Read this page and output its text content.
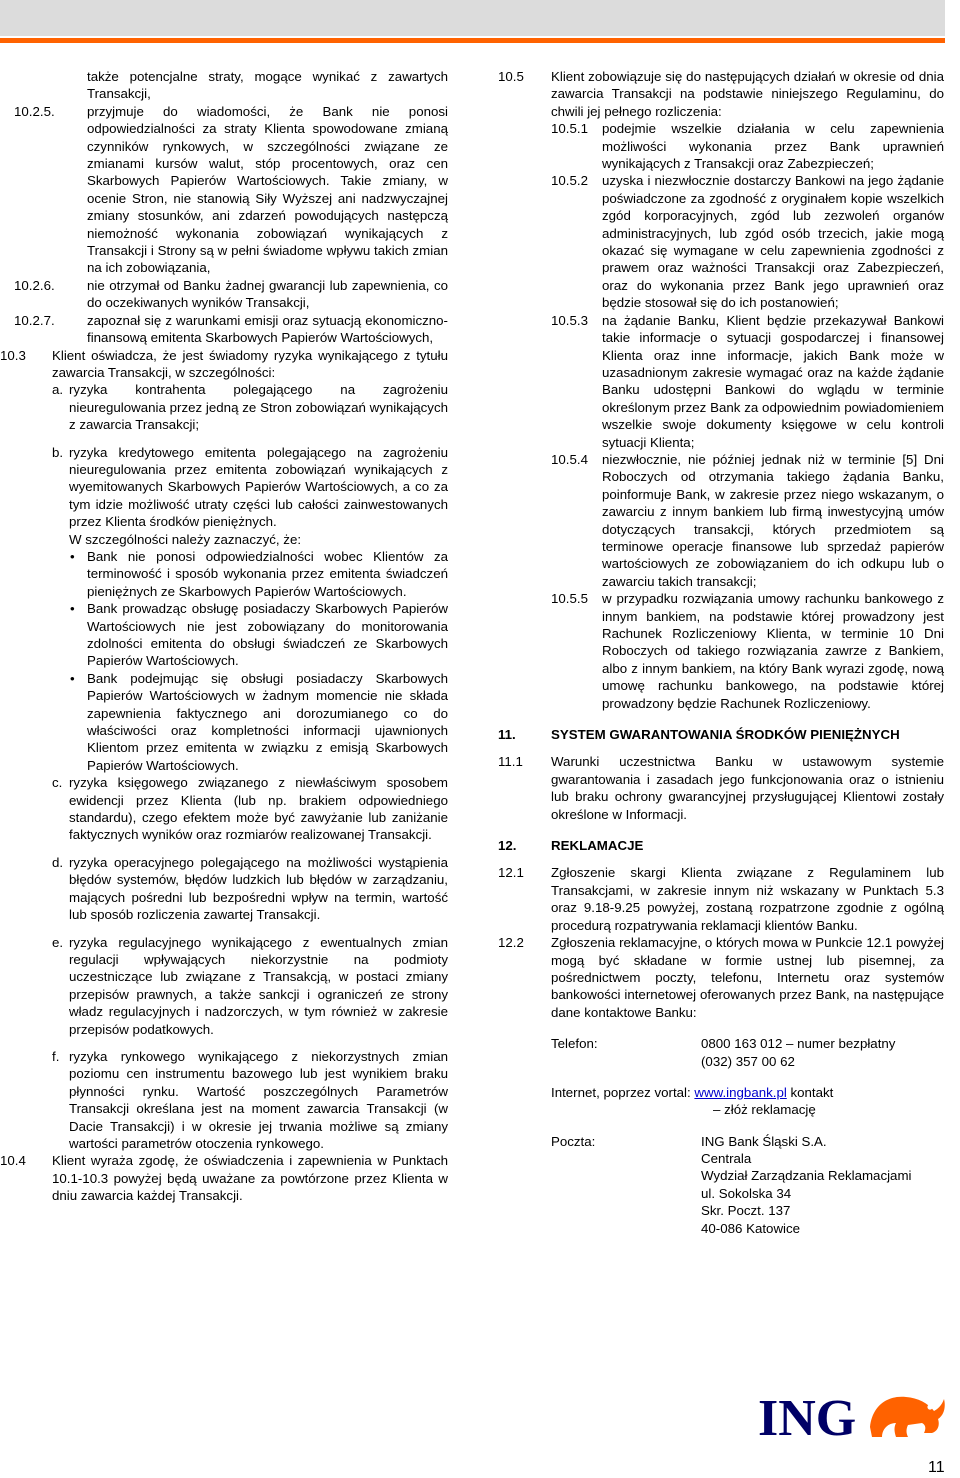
także potencjalne straty, mogące wynikać z zawartych Transakcji,
10.2.5. przyjmuje do wiadomości, że Bank nie ponosi odpowiedzialności za straty Klienta spowodowane zmianą czynników rynkowych, w szczególności związane ze zmianami kursów walut, stóp procentowych, oraz cen Skarbowych Papierów Wartościowych. Takie zmiany, w ocenie Stron, nie stanowią Siły Wyższej ani nadzwyczajnej zmiany stosunków, ani zdarzeń powodujących następczą niemożność wykonania zobowiązań wynikających z Transakcji i Strony są w pełni świadome wpływu takich zmian na ich zobowiązania,
10.2.6. nie otrzymał od Banku żadnej gwarancji lub zapewnienia, co do oczekiwanych wyników Transakcji,
10.2.7. zapoznał się z warunkami emisji oraz sytuacją ekonomiczno-finansową emitenta Skarbowych Papierów Wartościowych,
10.3 Klient oświadcza, że jest świadomy ryzyka wynikającego z tytułu zawarcia Transakcji, w szczególności:
a. ryzyka kontrahenta polegającego na zagrożeniu nieuregulowania przez jedną ze Stron zobowiązań wynikających z zawarcia Transakcji;
b. ryzyka kredytowego emitenta polegającego na zagrożeniu nieuregulowania przez emitenta zobowiązań wynikających z wyemitowanych Skarbowych Papierów Wartościowych, a co za tym idzie możliwość utraty części lub całości zainwestowanych przez Klienta środków pieniężnych.
W szczególności należy zaznaczyć, że:
• Bank nie ponosi odpowiedzialności wobec Klientów za terminowość i sposób wykonania przez emitenta świadczeń pieniężnych ze Skarbowych Papierów Wartościowych.
• Bank prowadząc obsługę posiadaczy Skarbowych Papierów Wartościowych nie jest zobowiązany do monitorowania zdolności emitenta do obsługi świadczeń ze Skarbowych Papierów Wartościowych.
• Bank podejmując się obsługi posiadaczy Skarbowych Papierów Wartościowych w żadnym momencie nie składa zapewnienia faktycznego ani dorozumianego co do właściwości oraz kompletności informacji ujawnionych Klientom przez emitenta w związku z emisją Skarbowych Papierów Wartościowych.
c. ryzyka księgowego związanego z niewłaściwym sposobem ewidencji przez Klienta (lub np. brakiem odpowiedniego standardu), czego efektem może być zawyżanie lub zaniżanie faktycznych wyników oraz rozmiarów realizowanej Transakcji.
d. ryzyka operacyjnego polegającego na możliwości wystąpienia błędów systemów, błędów ludzkich lub błędów w zarządzaniu, mających pośredni lub bezpośredni wpływ na termin, wartość lub sposób rozliczenia zawartej Transakcji.
e. ryzyka regulacyjnego wynikającego z ewentualnych zmian regulacji wpływających niekorzystnie na podmioty uczestniczące lub związane z Transakcją, w postaci zmiany przepisów prawnych, a także sankcji i ograniczeń ze strony władz regulacyjnych i nadzorczych, w tym również w zakresie przepisów podatkowych.
f. ryzyka rynkowego wynikającego z niekorzystnych zmian poziomu cen instrumentu bazowego lub jest wynikiem braku płynności rynku. Wartość poszczególnych Parametrów Transakcji określana jest na moment zawarcia Transakcji (w Dacie Transakcji) i w okresie jej trwania możliwe są zmiany wartości parametrów otoczenia rynkowego.
10.4 Klient wyraża zgodę, że oświadczenia i zapewnienia w Punktach 10.1-10.3 powyżej będą uważane za powtórzone przez Klienta w dniu zawarcia każdej Transakcji.
10.5 Klient zobowiązuje się do następujących działań w okresie od dnia zawarcia Transakcji na podstawie niniejszego Regulaminu, do chwili jej pełnego rozliczenia:
10.5.1 podejmie wszelkie działania w celu zapewnienia możliwości wykonania przez Bank uprawnień wynikających z Transakcji oraz Zabezpieczeń;
10.5.2 uzyska i niezwłocznie dostarczy Bankowi na jego żądanie poświadczone za zgodność z oryginałem kopie wszelkich zgód korporacyjnych, zgód lub zezwoleń organów administracyjnych, lub zgód osób trzecich, jakie mogą okazać się wymagane w celu zapewnienia zgodności z prawem oraz ważności Transakcji oraz Zabezpieczeń, oraz do wykonania przez Bank jego uprawnień oraz będzie stosował się do ich postanowień;
10.5.3 na żądanie Banku, Klient będzie przekazywał Bankowi takie informacje o sytuacji gospodarczej i finansowej Klienta oraz inne informacje, jakich Bank może w uzasadnionym zakresie wymagać oraz na każde żądanie Banku udostępni Bankowi do wglądu w terminie określonym przez Bank za odpowiednim powiadomieniem wszelkie swoje dokumenty księgowe w celu kontroli sytuacji Klienta;
10.5.4 niezwłocznie, nie później jednak niż w terminie [5] Dni Roboczych od otrzymania takiego żądania Banku, poinformuje Bank, w zakresie przez niego wskazanym, o zawarciu z innym bankiem lub firmą inwestycyjną umów dotyczących transakcji, których przedmiotem są terminowe operacje finansowe lub sprzedaż papierów wartościowych ze zobowiązaniem do ich odkupu lub o zawarciu takich transakcji;
10.5.5 w przypadku rozwiązania umowy rachunku bankowego z innym bankiem, na podstawie której prowadzony jest Rachunek Rozliczeniowy Klienta, w terminie 10 Dni Roboczych od takiego rozwiązania zawrze z Bankiem, albo z innym bankiem, na który Bank wyrazi zgodę, nową umowę rachunku bankowego, na podstawie której prowadzony będzie Rachunek Rozliczeniowy.
11.	SYSTEM GWARANTOWANIA ŚRODKÓW PIENIĘŻNYCH
11.1 Warunki uczestnictwa Banku w ustawowym systemie gwarantowania i zasadach jego funkcjonowania oraz o istnieniu lub braku ochrony gwarancyjnej przysługującej Klientowi zostały określone w Informacji.
12.	REKLAMACJE
12.1 Zgłoszenie skargi Klienta związane z Regulaminem lub Transakcjami, w zakresie innym niż wskazany w Punktach 5.3 oraz 9.18-9.25 powyżej, zostaną rozpatrzone zgodnie z ogólną procedurą rozpatrywania reklamacji klientów Banku.
12.2 Zgłoszenia reklamacyjne, o których mowa w Punkcie 12.1 powyżej mogą być składane w formie ustnej lub pisemnej, za pośrednictwem poczty, telefonu, Internetu oraz systemów bankowości internetowej oferowanych przez Bank, na następujące dane kontaktowe Banku:
Telefon:	0800 163 012 – numer bezpłatny
(032) 357 00 62
Internet, poprzez vortal: www.ingbank.pl kontakt
– złóż reklamację
Poczta:	ING Bank Śląski S.A.
Centrala
Wydział Zarządzania Reklamacjami
ul. Sokolska 34
Skr. Poczt. 137
40-086 Katowice
ING
11
